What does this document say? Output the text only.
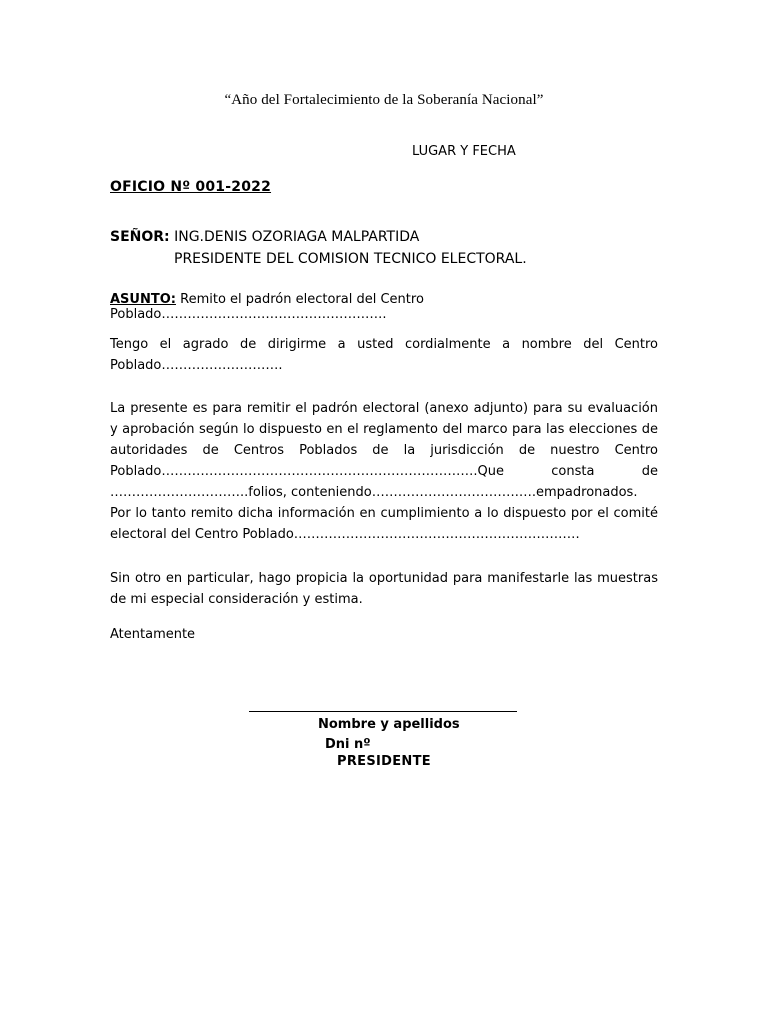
“Año del Fortalecimiento de la Soberanía Nacional”
LUGAR Y FECHA
OFICIO Nº 001-2022
SEÑOR: ING.DENIS OZORIAGA MALPARTIDA
PRESIDENTE DEL COMISION TECNICO ELECTORAL.
ASUNTO: Remito el padrón electoral del Centro Poblado…………………………………………….
Tengo el agrado de dirigirme a usted cordialmente a nombre del Centro Poblado……………………….
La presente es para remitir el padrón electoral (anexo adjunto) para su evaluación y aprobación según lo dispuesto en el reglamento del marco para las elecciones de autoridades de Centros Poblados de la jurisdicción de nuestro Centro Poblado……………………………………………………………….Que consta de …………………………..folios, conteniendo…………………………….….empadronados.
Por lo tanto remito dicha información en cumplimiento a lo dispuesto por el comité electoral del Centro Poblado…………………………………………………………
Sin otro en particular, hago propicia la oportunidad para manifestarle las muestras de mi especial consideración y estima.
Atentamente
Nombre y apellidos
Dni nº
PRESIDENTE
